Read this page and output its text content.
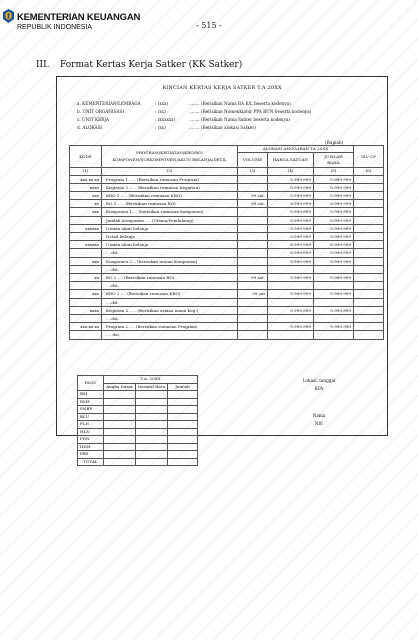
KEMENTERIAN KEUANGAN
REPUBLIK INDONESIA	- 515 -
III. Format Kertas Kerja Satker (KK Satker)
RINCIAN KERTAS KERJA SATKER T.A 20XX
a. KEMENTERIAN/LEMBAGA	: (xxx)	........ (Berisikan Nama BA K/L beserta kodenya)
b. UNIT ORGANISASI	: (xx)	........ (Berisikan Nomenklatur PPA BUN beserta kodenya)
c. UNIT KERJA	: (xxxxxx)	........ (Berisikan Nama Satker beserta kodenya)
d. ALOKASI	: (xx)	........ (Berisikan alokasi Satker)
(Rupiah)
KODE	PROGRAM/KEGIATAN/KRO/RO/ KOMPONEN/SUBKOMPONEN/AKUN BELANJA/DETIL	ALOKASI ANGGARAN TA 20XX			SD/ CP
		VOLUME	HARGA SATUAN	JUMLAH BIAYA	
(1)	(2)	(3)	(4)	(5)	(6)
xxx.xx.xx	Program 1 ..... (Berisikan rumusan Program)		9.999.999	9.999.999	
xxxx	Kegiatan 1 ..... (Berisikan rumusan Kegiatan)		9.999.999	9.999.999	
xxx	KRO 1 ..... (Berisikan rumusan KRO)	99 sat.	9.999.999	9.999.999	
xx	RO 1 ..... (Berisikan rumusan RO)	99 sat.	9.999.999	9.999.999	
xxx	Komponen 1.... (berisikan rumusan komponen)		9.999.999	9.999.999	
	Jumlah Komponen .....(Utama/Pendukung)		9.999.999	9.999.999	
xxxxxx	Uraian akun belanja		9.999.999	9.999.999	
	Detail belanja		9.999.999	9.999.999	
xxxxxx	Uraian akun belanja		9.999.999	9.999.999	
	....dst.		9.999.999	9.999.999	
xxx	Komponen 2... (berisikan uraian komponen)		9.999.999	9.999.999	
	....dst.				
xx	RO 2 .... (Berisikan rumusan RO)	99 sat.	9.999.999	9.999.999	
	....dst.				
xxx	KRO 2 .... (Berisikan rumusan KRO)	99 sat	9.999.999	9.999.999	
	....dst.				
xxxx	Kegiatan 2.......(Berisikan uraian nama Keg.)		9.999.999	9.999.999	
	....dst.				
xxx.xx.xx	Program 2 .... (Berisikan rumusan Program)		9.999.999	9.999.999	
	.... dst.				
FAGU	T.A. 20XX		
	Angka Dasar	Inisiatif Baru	Jumlah
RM			
RMP			
PNBP			
BLU			
PLN			
HLN			
PDN			
HDN			
PBS			
TOTAL			
Lokasi, tanggal
KPA
Nama
NIP.
